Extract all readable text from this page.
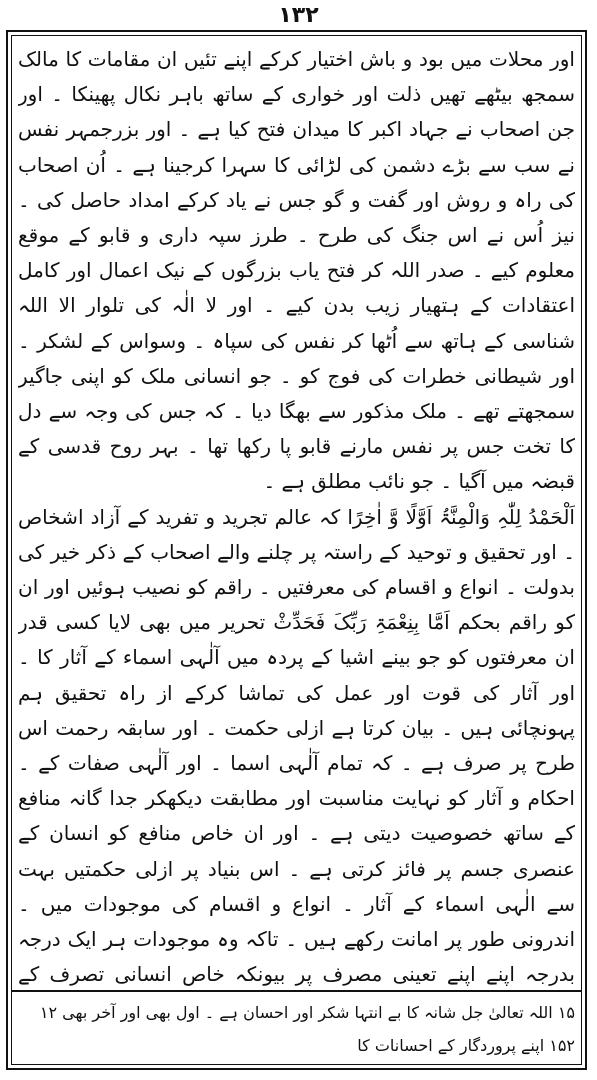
۱۳۲

اور محلات میں بود و باش اختیار کرکے اپنے تئیں ان مقامات کا مالک سمجھ بیٹھے تھیں ذلت اور خواری کے ساتھ باہر نکال پھینکا ۔ اور جن اصحاب نے جہاد اکبر کا میدان فتح کیا ہے ۔ اور بزرجمہر نفس نے سب سے بڑے دشمن کی لڑائی کا سہرا کرجینا ہے ۔ اُن اصحاب کی راہ و روش اور گفت و گو جس نے یاد کرکے امداد حاصل کی ۔ نیز اُس نے اس جنگ کی طرح ۔ طرز سپہ داری و قابو کے موقع معلوم کیے ۔ صدر اللہ کر فتح یاب بزرگوں کے نیک اعمال اور کامل اعتقادات کے ہتھیار زیب بدن کیے ۔ اور لا الٰہ کی تلوار الا اللہ شناسی کے ہاتھ سے اُٹھا کر نفس کی سپاہ ۔ وسواس کے لشکر ۔ اور شیطانی خطرات کی فوج کو ۔ جو انسانی ملک کو اپنی جاگیر سمجھتے تھے ۔ ملک مذکور سے بھگا دیا ۔ کہ جس کی وجہ سے دل کا تخت جس پر نفس مارنے قابو پا رکھا تھا ۔ بہر روح قدسی کے قبضہ میں آگیا ۔ جو نائب مطلق ہے ۔

اَلْحَمْدُ لِلّٰہِ وَالْمِنَّۃُ اَوَّلًا وَّ اٰخِرًا کہ عالم تجرید و تفرید کے آزاد اشخاص ۔ اور تحقیق و توحید کے راستہ پر چلنے والے اصحاب کے ذکر خیر کی بدولت ۔ انواع و اقسام کی معرفتیں ۔ راقم کو نصیب ہوئیں اور ان کو راقم بحکم اَمَّا بِنِعْمَۃِ رَبِّکَ فَحَدِّثْ تحریر میں بھی لایا کسی قدر ان معرفتوں کو جو بینے اشیا کے پردہ میں آلٰہی اسماء کے آثار کا ۔ اور آثار کی قوت اور عمل کی تماشا کرکے از راہ تحقیق ہم پہونچائی ہیں ۔ بیان کرتا ہے ازلی حکمت ۔ اور سابقہ رحمت اس طرح پر صرف ہے ۔ کہ تمام آلٰہی اسما ۔ اور آلٰہی صفات کے ۔ احکام و آثار کو نہایت مناسبت اور مطابقت دیکھکر جدا گانہ منافع کے ساتھ خصوصیت دیتی ہے ۔ اور ان خاص منافع کو انسان کے عنصری جسم پر فائز کرتی ہے ۔ اس بنیاد پر ازلی حکمتیں بہت سے الٰہی اسماء کے آثار ۔ انواع و اقسام کی موجودات میں ۔ اندرونی طور پر امانت رکھے ہیں ۔ تاکہ وہ موجودات ہر ایک درجہ بدرجہ اپنے اپنے تعینی مصرف پر بیونکہ خاص انسانی تصرف کے

۱۵ اللہ تعالیٰ جل شانہ کا بے انتہا شکر اور احسان ہے ۔ اول بھی اور آخر بھی ۱۲ ۱۵۲ اپنے پروردگار کے احسانات کا
